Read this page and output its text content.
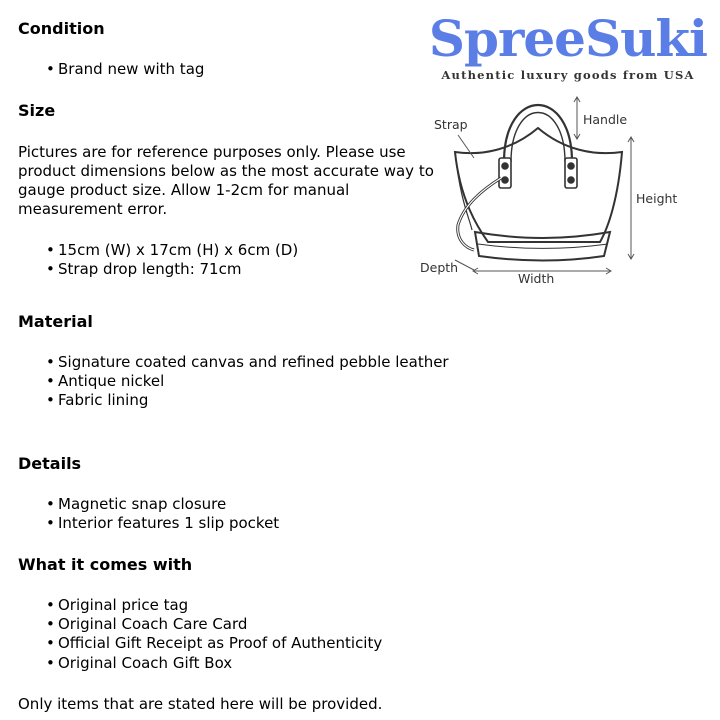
Condition
• Brand new with tag
Size
Pictures are for reference purposes only. Please use
product dimensions below as the most accurate way to
gauge product size. Allow 1-2cm for manual
measurement error.
• 15cm (W) x 17cm (H) x 6cm (D)
• Strap drop length: 71cm
Material
• Signature coated canvas and refined pebble leather
• Antique nickel
• Fabric lining
Details
• Magnetic snap closure
• Interior features 1 slip pocket
What it comes with
• Original price tag
• Original Coach Care Card
• Official Gift Receipt as Proof of Authenticity
• Original Coach Gift Box
Only items that are stated here will be provided.
SpreeSuki
Authentic luxury goods from USA
Strap	Handle
Height
Depth
Width
